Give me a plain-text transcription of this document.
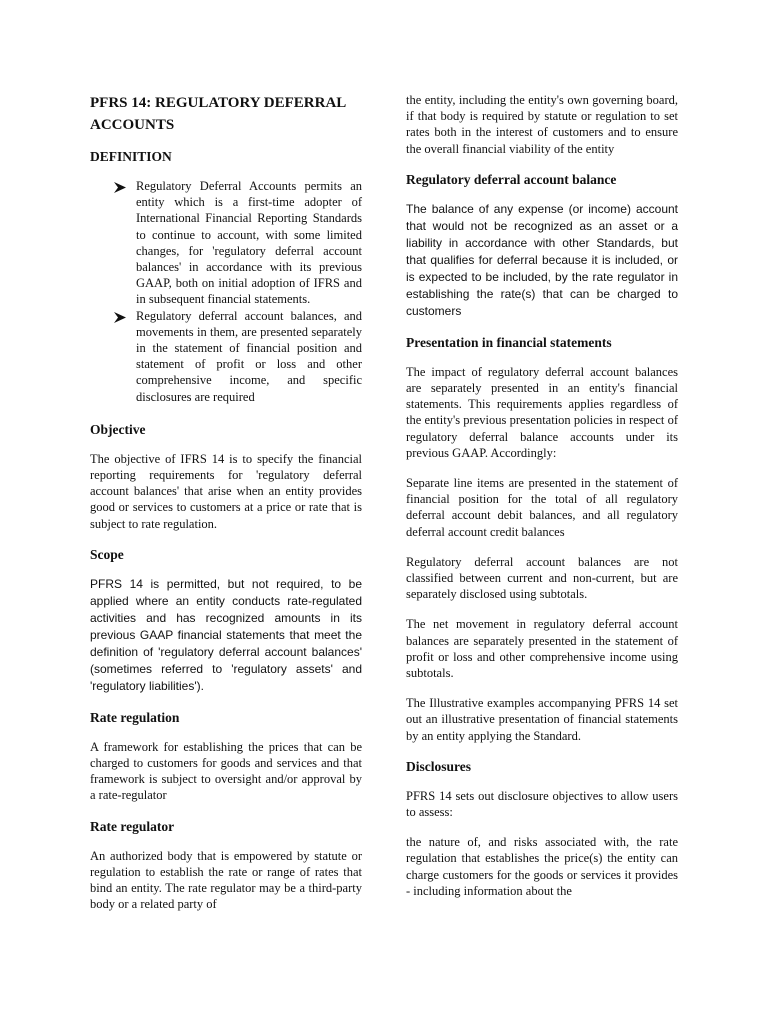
PFRS 14: REGULATORY DEFERRAL ACCOUNTS
DEFINITION
Regulatory Deferral Accounts permits an entity which is a first-time adopter of International Financial Reporting Standards to continue to account, with some limited changes, for 'regulatory deferral account balances' in accordance with its previous GAAP, both on initial adoption of IFRS and in subsequent financial statements.
Regulatory deferral account balances, and movements in them, are presented separately in the statement of financial position and statement of profit or loss and other comprehensive income, and specific disclosures are required
Objective

The objective of IFRS 14 is to specify the financial reporting requirements for 'regulatory deferral account balances' that arise when an entity provides good or services to customers at a price or rate that is subject to rate regulation.

Scope

PFRS 14 is permitted, but not required, to be applied where an entity conducts rate-regulated activities and has recognized amounts in its previous GAAP financial statements that meet the definition of 'regulatory deferral account balances' (sometimes referred to 'regulatory assets' and 'regulatory liabilities').

Rate regulation

A framework for establishing the prices that can be charged to customers for goods and services and that framework is subject to oversight and/or approval by a rate-regulator

Rate regulator

An authorized body that is empowered by statute or regulation to establish the rate or range of rates that bind an entity. The rate regulator may be a third-party body or a related party of

the entity, including the entity's own governing board, if that body is required by statute or regulation to set rates both in the interest of customers and to ensure the overall financial viability of the entity

Regulatory deferral account balance

The balance of any expense (or income) account that would not be recognized as an asset or a liability in accordance with other Standards, but that qualifies for deferral because it is included, or is expected to be included, by the rate regulator in establishing the rate(s) that can be charged to customers

Presentation in financial statements

The impact of regulatory deferral account balances are separately presented in an entity's financial statements. This requirements applies regardless of the entity's previous presentation policies in respect of regulatory deferral balance accounts under its previous GAAP. Accordingly:

Separate line items are presented in the statement of financial position for the total of all regulatory deferral account debit balances, and all regulatory deferral account credit balances

Regulatory deferral account balances are not classified between current and non-current, but are separately disclosed using subtotals.

The net movement in regulatory deferral account balances are separately presented in the statement of profit or loss and other comprehensive income using subtotals.

The Illustrative examples accompanying PFRS 14 set out an illustrative presentation of financial statements by an entity applying the Standard.

Disclosures

PFRS 14 sets out disclosure objectives to allow users to assess:

the nature of, and risks associated with, the rate regulation that establishes the price(s) the entity can charge customers for the goods or services it provides - including information about the
